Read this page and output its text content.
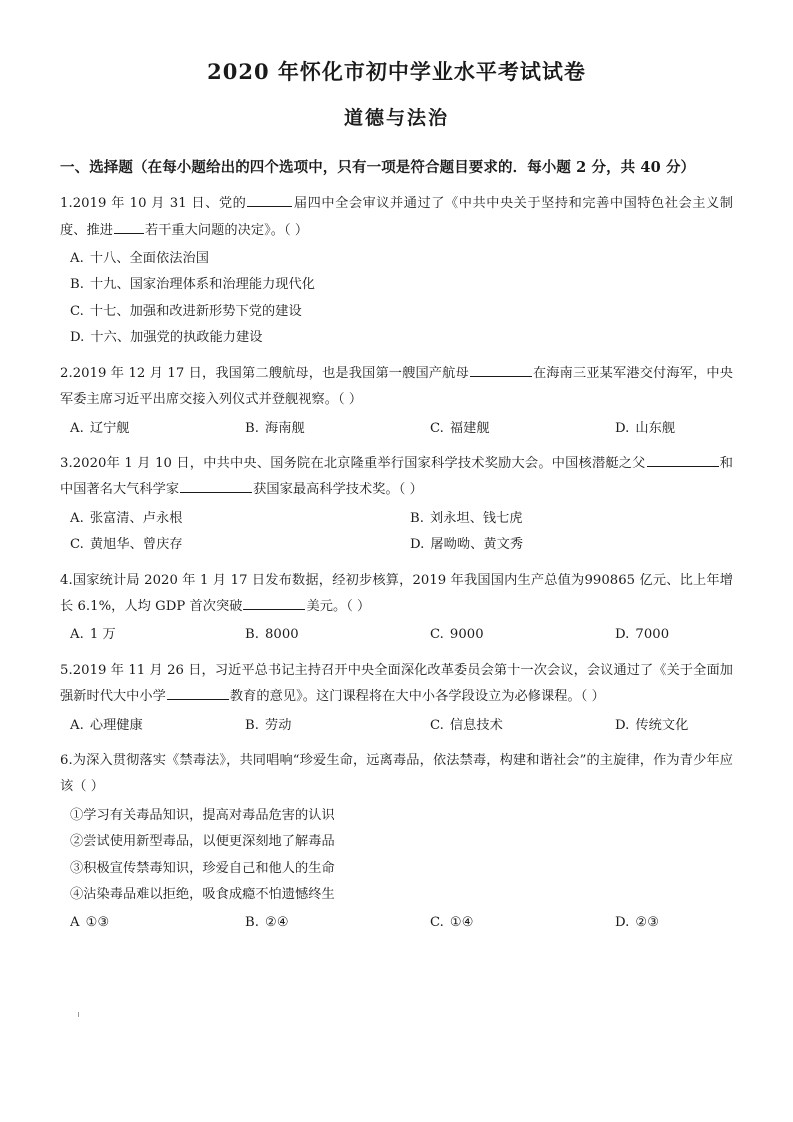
2020 年怀化市初中学业水平考试试卷
道德与法治
一、选择题（在每小题给出的四个选项中，只有一项是符合题目要求的．每小题 2 分，共 40 分）
1.2019 年 10 月 31 日、党的	届四中全会审议并通过了《中共中央关于坚持和完善中国特色社会主义制度、推进 若干重大问题的决定》。（ ）
A. 十八、全面依法治国
B. 十九、国家治理体系和治理能力现代化
C. 十七、加强和改进新形势下党的建设
D. 十六、加强党的执政能力建设
2.2019 年 12 月 17 日，我国第二艘航母，也是我国第一艘国产航母	在海南三亚某军港交付海军，中央军委主席习近平出席交接入列仪式并登舰视察。（ ）
A. 辽宁舰	B. 海南舰	C. 福建舰	D. 山东舰
3.2020年 1 月 10 日，中共中央、国务院在北京隆重举行国家科学技术奖励大会。中国核潜艇之父	和中国著名大气科学家	获国家最高科学技术奖。（ ）
A. 张富清、卢永根	B. 刘永坦、钱七虎
C. 黄旭华、曾庆存	D. 屠呦呦、黄文秀
4.国家统计局 2020 年 1 月 17 日发布数据，经初步核算，2019 年我国国内生产总值为990865 亿元、比上年增长 6.1%，人均 GDP 首次突破	美元。（ ）
A. 1 万	B. 8000	C. 9000	D. 7000
5.2019 年 11 月 26 日，习近平总书记主持召开中央全面深化改革委员会第十一次会议，会议通过了《关于全面加强新时代大中小学	教育的意见》。这门课程将在大中小各学段设立为必修课程。（ ）
A. 心理健康	B. 劳动	C. 信息技术	D. 传统文化
6.为深入贯彻落实《禁毒法》，共同唱响“珍爱生命，远离毒品，依法禁毒，构建和谐社会”的主旋律，作为青少年应该（ ）
①学习有关毒品知识，提高对毒品危害的认识
②尝试使用新型毒品，以便更深刻地了解毒品
③积极宣传禁毒知识，珍爱自己和他人的生命
④沾染毒品难以拒绝，吸食成瘾不怕遗憾终生
A ①③	B. ②④	C. ①④	D. ②③
